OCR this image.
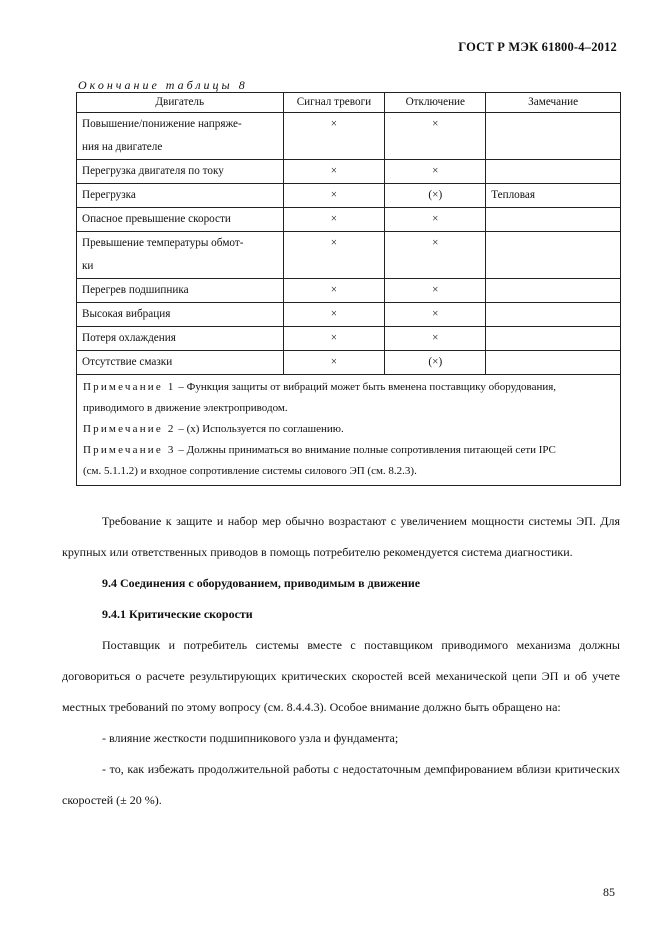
ГОСТ Р МЭК 61800-4–2012
Окончание таблицы 8
Двигатель	Сигнал тревоги	Отключение	Замечание

Повышение/понижение напряже-
ния на двигателе	×	×	
Перегрузка двигателя по току	×	×	
Перегрузка	×	(×)	Тепловая
Опасное превышение скорости	×	×	

Превышение температуры обмот-
ки	×	×	
Перегрев подшипника	×	×	
Высокая вибрация	×	×	
Потеря охлаждения	×	×	
Отсутствие смазки	×	(×)	

Примечание 1 – Функция защиты от вибраций может быть вменена поставщику оборудования,
приводимого в движение электроприводом.
Примечание 2 – (x) Используется по соглашению.
Примечание 3 – Должны приниматься во внимание полные сопротивления питающей сети IPC
(см. 5.1.1.2) и входное сопротивление системы силового ЭП (см. 8.2.3).			
Требование к защите и набор мер обычно возрастают с увеличением мощности системы ЭП. Для крупных или ответственных приводов в помощь потребителю рекомендуется система диагностики.
9.4 Соединения с оборудованием, приводимым в движение
9.4.1 Критические скорости
Поставщик и потребитель системы вместе с поставщиком приводимого механизма должны договориться о расчете результирующих критических скоростей всей механической цепи ЭП и об учете местных требований по этому вопросу (см. 8.4.4.3). Особое внимание должно быть обращено на:
- влияние жесткости подшипникового узла и фундамента;
- то, как избежать продолжительной работы с недостаточным демпфированием вблизи критических скоростей (± 20 %).
85
